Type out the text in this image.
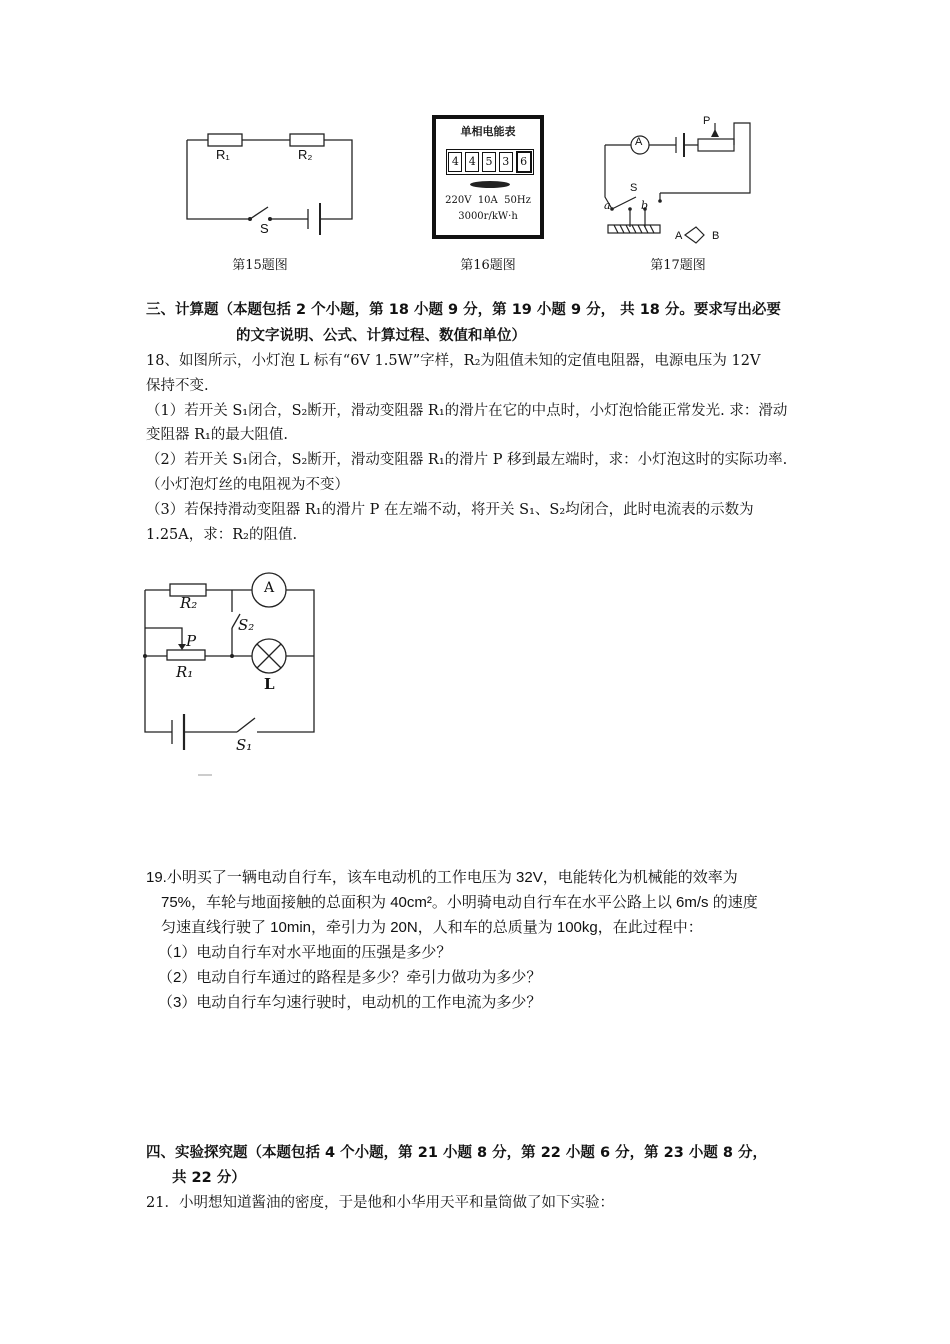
R₁	R₂
S
第15题图
单相电能表
4 4 5 3 6
220V  10A  50Hz
3000r/kW·h
第16题图
A
P
S
a	b
A	B
第17题图
三、计算题（本题包括 2 个小题，第 18 小题 9 分，第 19 小题 9 分， 共 18 分。要求写出必要
的文字说明、公式、计算过程、数值和单位）
18、如图所示，小灯泡 L 标有“6V 1.5W”字样，R₂为阻值未知的定值电阻器，电源电压为 12V
保持不变.
（1）若开关 S₁闭合，S₂断开，滑动变阻器 R₁的滑片在它的中点时，小灯泡恰能正常发光. 求：滑动
变阻器 R₁的最大阻值.
（2）若开关 S₁闭合，S₂断开，滑动变阻器 R₁的滑片 P 移到最左端时，求：小灯泡这时的实际功率.
（小灯泡灯丝的电阻视为不变）
（3）若保持滑动变阻器 R₁的滑片 P 在左端不动，将开关 S₁、S₂均闭合，此时电流表的示数为
1.25A，求：R₂的阻值.
R₂
A
S₂
P
R₁
L
S₁
19.小明买了一辆电动自行车，该车电动机的工作电压为 32V，电能转化为机械能的效率为
75%，车轮与地面接触的总面积为 40cm²。小明骑电动自行车在水平公路上以 6m/s 的速度
匀速直线行驶了 10min，牵引力为 20N，人和车的总质量为 100kg，在此过程中：
（1）电动自行车对水平地面的压强是多少？
（2）电动自行车通过的路程是多少？牵引力做功为多少？
（3）电动自行车匀速行驶时，电动机的工作电流为多少？
四、实验探究题（本题包括 4 个小题，第 21 小题 8 分，第 22 小题 6 分，第 23 小题 8 分，
共 22 分）
21．小明想知道酱油的密度，于是他和小华用天平和量筒做了如下实验：
